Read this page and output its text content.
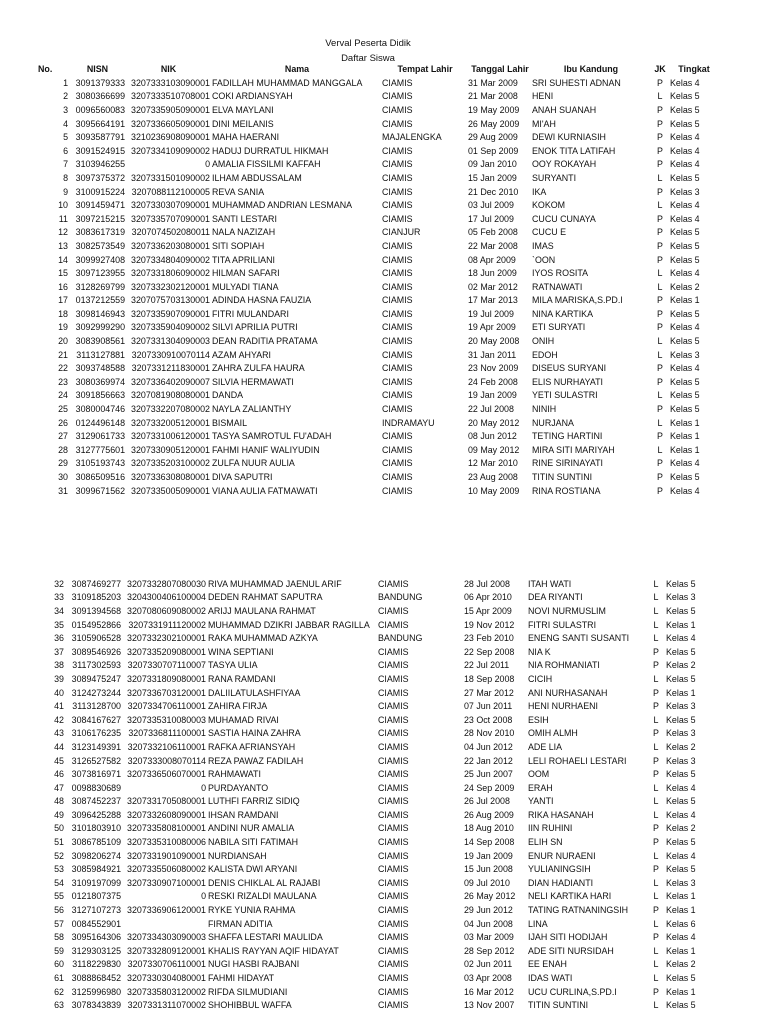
Verval Peserta Didik
Daftar Siswa
No.	NISN	NIK	Nama	Tempat Lahir	Tanggal Lahir	Ibu Kandung	JK	Tingkat
1	3091379333	3207333103090001	FADILLAH MUHAMMAD MANGGALA	CIAMIS	31 Mar 2009	SRI SUHESTI ADNAN	P	Kelas 4
2	3080366699	3207333510708001	COKI ARDIANSYAH	CIAMIS	21 Mar 2008	HENI	L	Kelas 5
3	0096560083	3207335905090001	ELVA MAYLANI	CIAMIS	19 May 2009	ANAH SUANAH	P	Kelas 5
4	3095664191	3207336605090001	DINI MEILANIS	CIAMIS	26 May 2009	MI'AH	P	Kelas 5
5	3093587791	3210236908090001	MAHA HAERANI	MAJALENGKA	29 Aug 2009	DEWI KURNIASIH	P	Kelas 4
6	3091524915	3207334109090002	HADUJ DURRATUL HIKMAH	CIAMIS	01 Sep 2009	ENOK TITA LATIFAH	P	Kelas 4
7	3103946255	0	AMALIA FISSILMI KAFFAH	CIAMIS	09 Jan 2010	OOY ROKAYAH	P	Kelas 4
8	3097375372	3207331501090002	ILHAM ABDUSSALAM	CIAMIS	15 Jan 2009	SURYANTI	L	Kelas 5
9	3100915224	3207088112100005	REVA SANIA	CIAMIS	21 Dec 2010	IKA	P	Kelas 3
10	3091459471	3207330307090001	MUHAMMAD ANDRIAN LESMANA	CIAMIS	03 Jul 2009	KOKOM	L	Kelas 4
11	3097215215	3207335707090001	SANTI LESTARI	CIAMIS	17 Jul 2009	CUCU CUNAYA	P	Kelas 4
12	3083617319	3207074502080011	NALA NAZIZAH	CIANJUR	05 Feb 2008	CUCU E	P	Kelas 5
13	3082573549	3207336203080001	SITI SOPIAH	CIAMIS	22 Mar 2008	IMAS	P	Kelas 5
14	3099927408	3207334804090002	TITA APRILIANI	CIAMIS	08 Apr 2009	`OON	P	Kelas 5
15	3097123955	3207331806090002	HILMAN SAFARI	CIAMIS	18 Jun 2009	IYOS ROSITA	L	Kelas 4
16	3128269799	3207332302120001	MULYADI TIANA	CIAMIS	02 Mar 2012	RATNAWATI	L	Kelas 2
17	0137212559	3207075703130001	ADINDA HASNA FAUZIA	CIAMIS	17 Mar 2013	MILA MARISKA,S.PD.I	P	Kelas 1
18	3098146943	3207335907090001	FITRI MULANDARI	CIAMIS	19 Jul 2009	NINA KARTIKA	P	Kelas 5
19	3092999290	3207335904090002	SILVI APRILIA PUTRI	CIAMIS	19 Apr 2009	ETI SURYATI	P	Kelas 4
20	3083908561	3207331304090003	DEAN RADITIA PRATAMA	CIAMIS	20 May 2008	ONIH	L	Kelas 5
21	3113127881	3207330910070114	AZAM AHYARI	CIAMIS	31 Jan 2011	EDOH	L	Kelas 3
22	3093748588	3207331211830001	ZAHRA ZULFA HAURA	CIAMIS	23 Nov 2009	DISEUS SURYANI	P	Kelas 4
23	3080369974	3207336402090007	SILVIA HERMAWATI	CIAMIS	24 Feb 2008	ELIS NURHAYATI	P	Kelas 5
24	3091856663	3207081908080001	DANDA	CIAMIS	19 Jan 2009	YETI SULASTRI	L	Kelas 5
25	3080004746	3207332207080002	NAYLA ZALIANTHY	CIAMIS	22 Jul 2008	NINIH	P	Kelas 5
26	0124496148	3207332005120001	BISMAIL	INDRAMAYU	20 May 2012	NURJANA	L	Kelas 1
27	3129061733	3207331006120001	TASYA SAMROTUL FU'ADAH	CIAMIS	08 Jun 2012	TETING HARTINI	P	Kelas 1
28	3127775601	3207330905120001	FAHMI HANIF WALIYUDIN	CIAMIS	09 May 2012	MIRA SITI MARIYAH	L	Kelas 1
29	3105193743	3207335203100002	ZULFA NUUR AULIA	CIAMIS	12 Mar 2010	RINE SIRINAYATI	P	Kelas 4
30	3086509516	3207336308080001	DIVA SAPUTRI	CIAMIS	23 Aug 2008	TITIN SUNTINI	P	Kelas 5
31	3099671562	3207335005090001	VIANA AULIA FATMAWATI	CIAMIS	10 May 2009	RINA ROSTIANA	P	Kelas 4
32	3087469277	3207332807080030	RIVA MUHAMMAD JAENUL ARIF	CIAMIS	28 Jul 2008	ITAH WATI	L	Kelas 5
33	3109185203	3204300406100004	DEDEN RAHMAT SAPUTRA	BANDUNG	06 Apr 2010	DEA RIYANTI	L	Kelas 3
34	3091394568	3207080609080002	ARIJJ MAULANA RAHMAT	CIAMIS	15 Apr 2009	NOVI NURMUSLIM	L	Kelas 5
35	0154952866	3207331911120002	MUHAMMAD DZIKRI JABBAR RAGILLA	CIAMIS	19 Nov 2012	FITRI SULASTRI	L	Kelas 1
36	3105906528	3207332302100001	RAKA MUHAMMAD AZKYA	BANDUNG	23 Feb 2010	ENENG SANTI SUSANTI	L	Kelas 4
37	3089546926	3207335209080001	WINA SEPTIANI	CIAMIS	22 Sep 2008	NIA K	P	Kelas 5
38	3117302593	3207330707110007	TASYA ULIA	CIAMIS	22 Jul 2011	NIA ROHMANIATI	P	Kelas 2
39	3089475247	3207331809080001	RANA RAMDANI	CIAMIS	18 Sep 2008	CICIH	L	Kelas 5
40	3124273244	3207336703120001	DALIILATULASHFIYAA	CIAMIS	27 Mar 2012	ANI NURHASANAH	P	Kelas 1
41	3113128700	3207334706110001	ZAHIRA FIRJA	CIAMIS	07 Jun 2011	HENI NURHAENI	P	Kelas 3
42	3084167627	3207335310080003	MUHAMAD RIVAI	CIAMIS	23 Oct 2008	ESIH	L	Kelas 5
43	3106176235	3207336811100001	SASTIA HAINA ZAHRA	CIAMIS	28 Nov 2010	OMIH ALMH	P	Kelas 3
44	3123149391	3207332106110001	RAFKA AFRIANSYAH	CIAMIS	04 Jun 2012	ADE LIA	L	Kelas 2
45	3126527582	3207333008070114	REZA PAWAZ FADILAH	CIAMIS	22 Jan 2012	LELI ROHAELI LESTARI	P	Kelas 3
46	3073816971	3207336506070001	RAHMAWATI	CIAMIS	25 Jun 2007	OOM	P	Kelas 5
47	0098830689	0	PURDAYANTO	CIAMIS	24 Sep 2009	ERAH	L	Kelas 4
48	3087452237	3207331705080001	LUTHFI FARRIZ SIDIQ	CIAMIS	26 Jul 2008	YANTI	L	Kelas 5
49	3096425288	3207332608090001	IHSAN RAMDANI	CIAMIS	26 Aug 2009	RIKA HASANAH	L	Kelas 4
50	3101803910	3207335808100001	ANDINI NUR AMALIA	CIAMIS	18 Aug 2010	IIN RUHINI	P	Kelas 2
51	3086785109	3207335310080006	NABILA SITI FATIMAH	CIAMIS	14 Sep 2008	ELIH SN	P	Kelas 5
52	3098206274	3207331901090001	NURDIANSAH	CIAMIS	19 Jan 2009	ENUR NURAENI	L	Kelas 4
53	3085984921	3207335506080002	KALISTA DWI ARYANI	CIAMIS	15 Jun 2008	YULIANINGSIH	P	Kelas 5
54	3109197099	3207330907100001	DENIS CHIKLAL AL RAJABI	CIAMIS	09 Jul 2010	DIAN HADIANTI	L	Kelas 3
55	0121807375	0	RESKI RIZALDI MAULANA	CIAMIS	26 May 2012	NELI KARTIKA HARI	L	Kelas 1
56	3127107273	3207336906120001	RYKE YUNIA RAHMA	CIAMIS	29 Jun 2012	TATING RATNANINGSIH	P	Kelas 1
57	0084552901		FIRMAN ADITIA	CIAMIS	04 Jun 2008	LINA	L	Kelas 6
58	3095164306	3207334303090003	SHAFFA LESTARI MAULIDA	CIAMIS	03 Mar 2009	IJAH SITI HODIJAH	P	Kelas 4
59	3129303125	3207332809120001	KHALIS RAYYAN AQIF HIDAYAT	CIAMIS	28 Sep 2012	ADE SITI NURSIDAH	L	Kelas 1
60	3118229830	3207330706110001	NUGI HASBI RAJBANI	CIAMIS	02 Jun 2011	EE ENAH	L	Kelas 2
61	3088868452	3207330304080001	FAHMI HIDAYAT	CIAMIS	03 Apr 2008	IDAS WATI	L	Kelas 5
62	3125996980	3207335803120002	RIFDA SILMUDIANI	CIAMIS	16 Mar 2012	UCU CURLINA,S.PD.I	P	Kelas 1
63	3078343839	3207331311070002	SHOHIBBUL WAFFA	CIAMIS	13 Nov 2007	TITIN SUNTINI	L	Kelas 5
